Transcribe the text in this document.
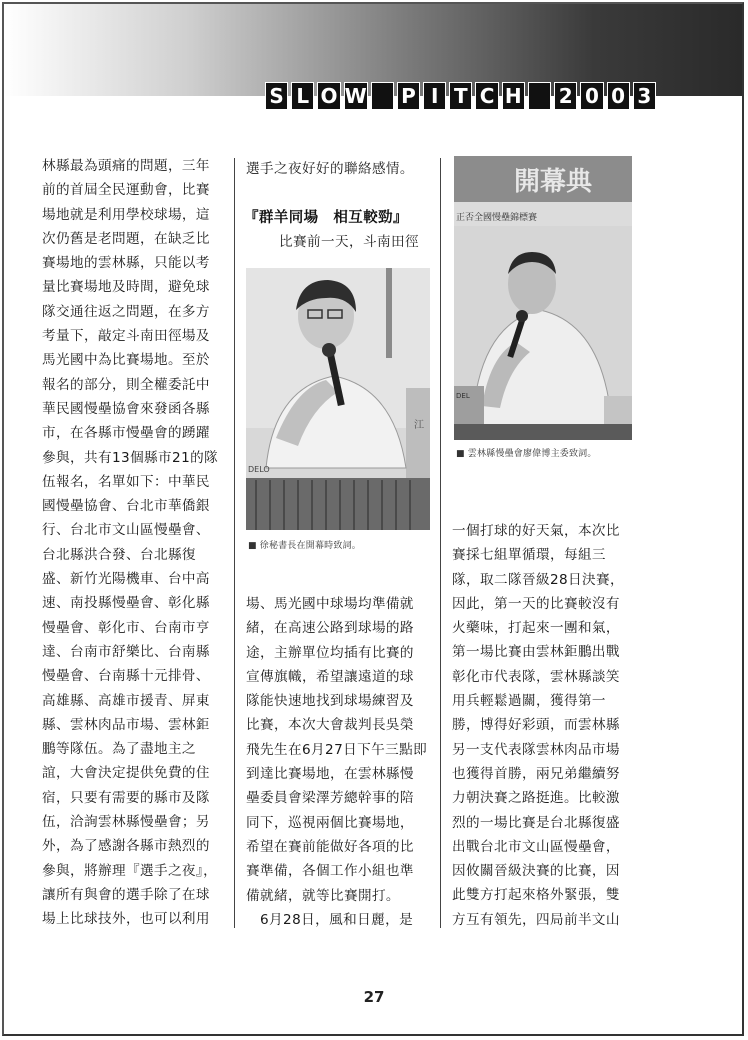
S L O W P I T C H 2 0 0 3
林縣最為頭痛的問題，三年
前的首屆全民運動會，比賽
場地就是利用學校球場，這
次仍舊是老問題，在缺乏比
賽場地的雲林縣，只能以考
量比賽場地及時間，避免球
隊交通往返之問題，在多方
考量下，敲定斗南田徑場及
馬光國中為比賽場地。至於
報名的部分，則全權委託中
華民國慢壘協會來發函各縣
市，在各縣市慢壘會的踴躍
參與，共有13個縣市21的隊
伍報名，名單如下：中華民
國慢壘協會、台北市華僑銀
行、台北市文山區慢壘會、
台北縣洪合發、台北縣復
盛、新竹光陽機車、台中高
速、南投縣慢壘會、彰化縣
慢壘會、彰化市、台南市亨
達、台南市舒樂比、台南縣
慢壘會、台南縣十元排骨、
高雄縣、高雄市援青、屏東
縣、雲林肉品市場、雲林鉅
鵬等隊伍。為了盡地主之
誼，大會決定提供免費的住
宿，只要有需要的縣市及隊
伍，洽詢雲林縣慢壘會；另
外，為了感謝各縣市熱烈的
參與，將辦理『選手之夜』，
讓所有與會的選手除了在球
場上比球技外，也可以利用
選手之夜好好的聯絡感情。
『群羊同場　相互較勁』
比賽前一天，斗南田徑
江
DELO
■ 徐秘書長在開幕時致詞。
場、馬光國中球場均準備就
緒，在高速公路到球場的路
途，主辦單位均插有比賽的
宣傳旗幟，希望讓遠道的球
隊能快速地找到球場練習及
比賽，本次大會裁判長吳榮
飛先生在6月27日下午三點即
到達比賽場地，在雲林縣慢
壘委員會梁澤芳總幹事的陪
同下，巡視兩個比賽場地，
希望在賽前能做好各項的比
賽準備，各個工作小組也準
備就緒，就等比賽開打。
　6月28日，風和日麗，是
開幕典
正否全國慢壘錦標賽
DEL
■ 雲林縣慢壘會廖偉博主委致詞。
一個打球的好天氣，本次比
賽採七組單循環，每組三
隊，取二隊晉級28日決賽，
因此，第一天的比賽較沒有
火藥味，打起來一團和氣，
第一場比賽由雲林鉅鵬出戰
彰化市代表隊，雲林縣談笑
用兵輕鬆過關，獲得第一
勝，博得好彩頭，而雲林縣
另一支代表隊雲林肉品市場
也獲得首勝，兩兄弟繼續努
力朝決賽之路挺進。比較激
烈的一場比賽是台北縣復盛
出戰台北市文山區慢壘會，
因攸關晉級決賽的比賽，因
此雙方打起來格外緊張，雙
方互有領先，四局前半文山
27
